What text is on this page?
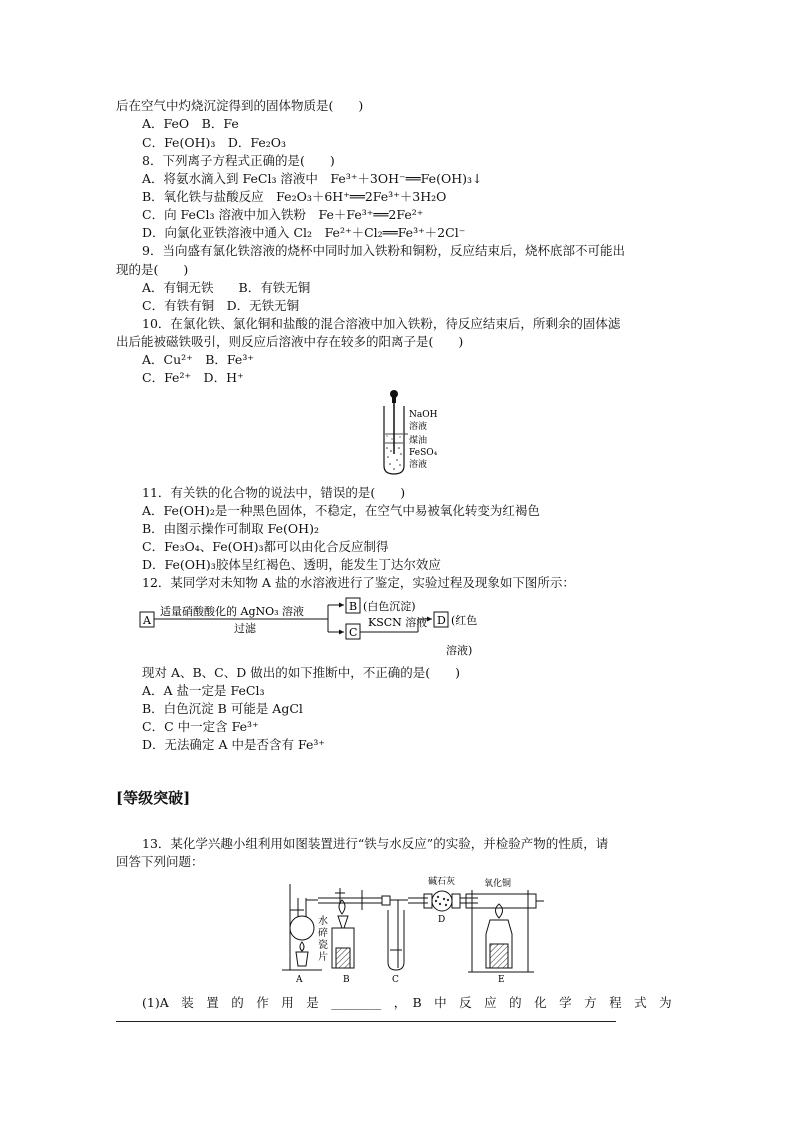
后在空气中灼烧沉淀得到的固体物质是(　　)
A．FeO　B．Fe
C．Fe(OH)₃　D．Fe₂O₃
8．下列离子方程式正确的是(　　)
A．将氨水滴入到 FeCl₃ 溶液中　Fe³⁺＋3OH⁻══Fe(OH)₃↓
B．氧化铁与盐酸反应　Fe₂O₃＋6H⁺══2Fe³⁺＋3H₂O
C．向 FeCl₃ 溶液中加入铁粉　Fe＋Fe³⁺══2Fe²⁺
D．向氯化亚铁溶液中通入 Cl₂　Fe²⁺＋Cl₂══Fe³⁺＋2Cl⁻
9．当向盛有氯化铁溶液的烧杯中同时加入铁粉和铜粉，反应结束后，烧杯底部不可能出
现的是(　　)
A．有铜无铁　　B．有铁无铜
C．有铁有铜　D．无铁无铜
10．在氯化铁、氯化铜和盐酸的混合溶液中加入铁粉，待反应结束后，所剩余的固体滤
出后能被磁铁吸引，则反应后溶液中存在较多的阳离子是(　　)
A．Cu²⁺　B．Fe³⁺
C．Fe²⁺　D．H⁺
NaOH
溶液
煤油
FeSO₄
溶液
11．有关铁的化合物的说法中，错误的是(　　)
A．Fe(OH)₂是一种黑色固体，不稳定，在空气中易被氧化转变为红褐色
B．由图示操作可制取 Fe(OH)₂
C．Fe₃O₄、Fe(OH)₃都可以由化合反应制得
D．Fe(OH)₃胶体呈红褐色、透明，能发生丁达尔效应
12．某同学对未知物 A 盐的水溶液进行了鉴定，实验过程及现象如下图所示：
A
B
C
D
适量硝酸酸化的 AgNO₃ 溶液
过滤
(白色沉淀)
KSCN 溶液 (红色
溶液)
现对 A、B、C、D 做出的如下推断中，不正确的是(　　)
A．A 盐一定是 FeCl₃
B．白色沉淀 B 可能是 AgCl
C．C 中一定含 Fe³⁺
D．无法确定 A 中是否含有 Fe³⁺
[等级突破]
13．某化学兴趣小组利用如图装置进行“铁与水反应”的实验，并检验产物的性质，请
回答下列问题：
水
碎
瓷
片
碱石灰	氧化铜
A	B	C
D
E
(1)A　装　置　的　作　用　是　________　，　B　中　反　应　的　化　学　方　程　式　为
